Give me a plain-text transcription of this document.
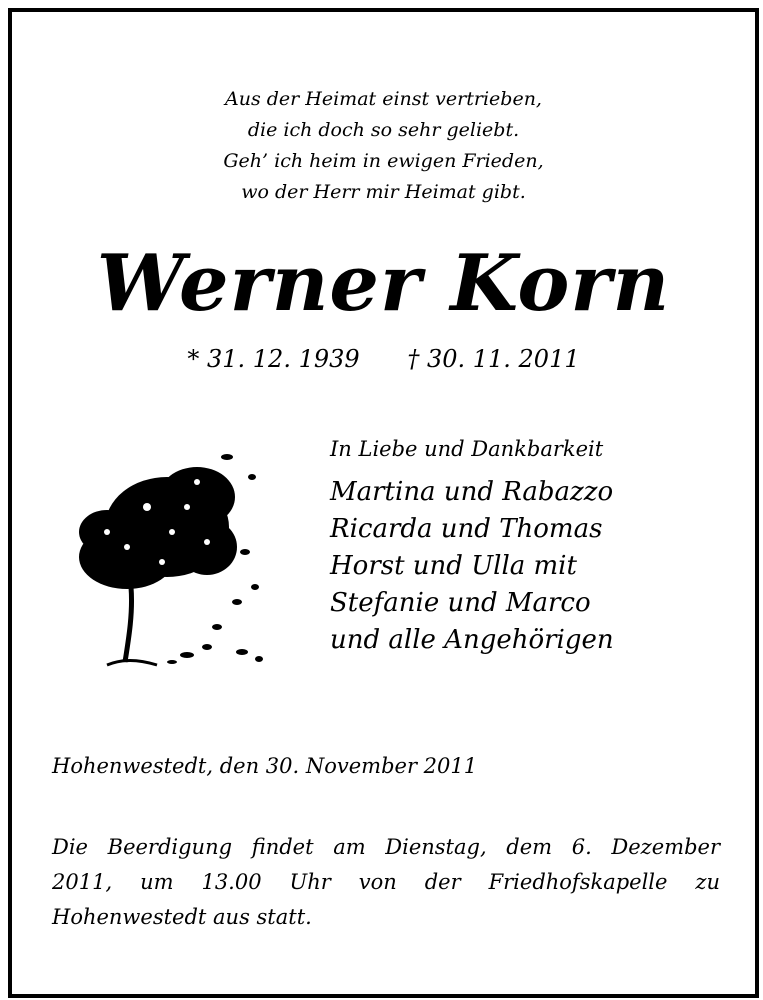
Aus der Heimat einst vertrieben,
die ich doch so sehr geliebt.
Geh’ ich heim in ewigen Frieden,
wo der Herr mir Heimat gibt.
Werner Korn
* 31. 12. 1939 † 30. 11. 2011
In Liebe und Dankbarkeit
Martina und Rabazzo
Ricarda und Thomas
Horst und Ulla mit
Stefanie und Marco
und alle Angehörigen
Hohenwestedt, den 30. November 2011
Die Beerdigung findet am Dienstag, dem 6. Dezember
2011, um 13.00 Uhr von der Friedhofskapelle zu
Hohenwestedt aus statt.
